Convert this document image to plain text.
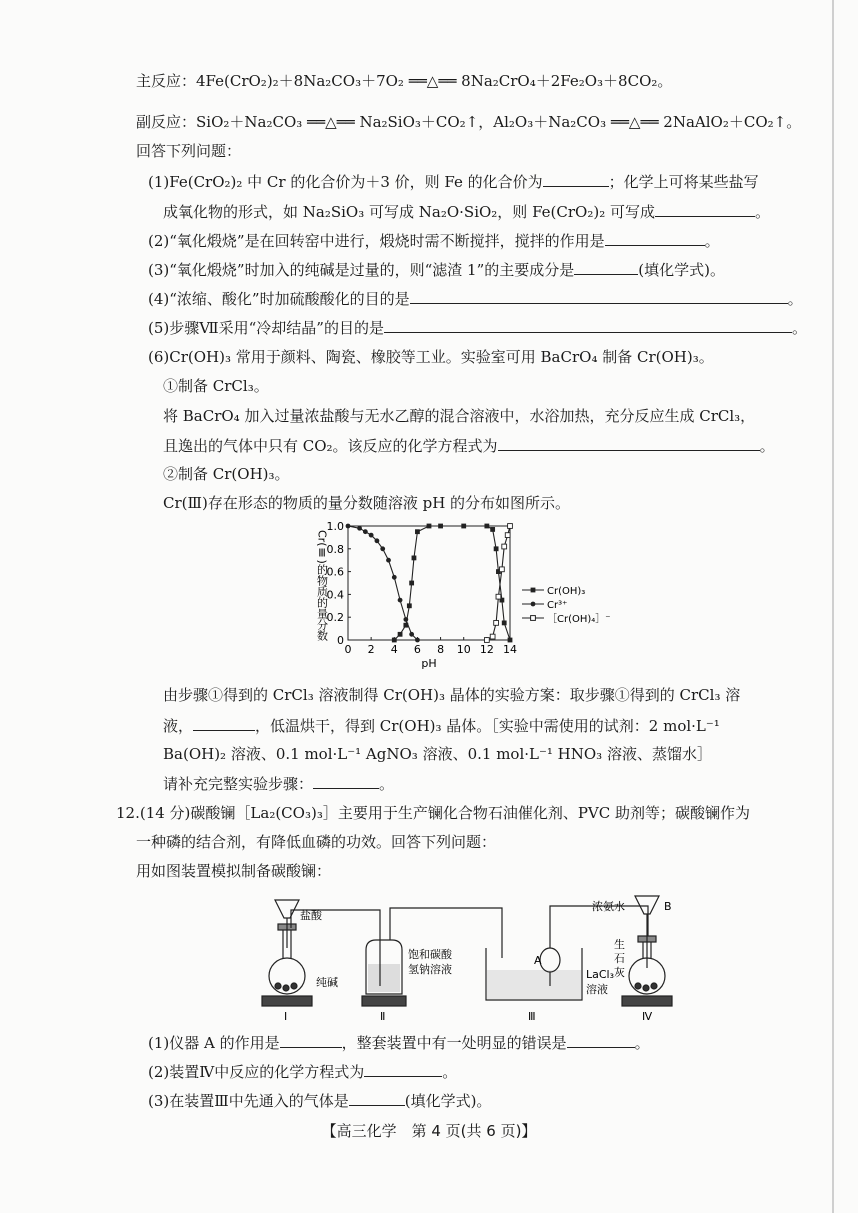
主反应：4Fe(CrO₂)₂＋8Na₂CO₃＋7O₂ ══△══ 8Na₂CrO₄＋2Fe₂O₃＋8CO₂。
副反应：SiO₂＋Na₂CO₃ ══△══ Na₂SiO₃＋CO₂↑，Al₂O₃＋Na₂CO₃ ══△══ 2NaAlO₂＋CO₂↑。
回答下列问题：
(1)Fe(CrO₂)₂ 中 Cr 的化合价为＋3 价，则 Fe 的化合价为	；化学上可将某些盐写
成氧化物的形式，如 Na₂SiO₃ 可写成 Na₂O·SiO₂，则 Fe(CrO₂)₂ 可写成	。
(2)“氧化煅烧”是在回转窑中进行，煅烧时需不断搅拌，搅拌的作用是	。
(3)“氧化煅烧”时加入的纯碱是过量的，则“滤渣 1”的主要成分是	(填化学式)。
(4)“浓缩、酸化”时加硫酸酸化的目的是	。
(5)步骤Ⅶ采用“冷却结晶”的目的是	。
(6)Cr(OH)₃ 常用于颜料、陶瓷、橡胶等工业。实验室可用 BaCrO₄ 制备 Cr(OH)₃。
①制备 CrCl₃。
将 BaCrO₄ 加入过量浓盐酸与无水乙醇的混合溶液中，水浴加热，充分反应生成 CrCl₃，
且逸出的气体中只有 CO₂。该反应的化学方程式为	。
②制备 Cr(OH)₃。
Cr(Ⅲ)存在形态的物质的量分数随溶液 pH 的分布如图所示。
0 2 4 6 8 10 12 14
0
0.2
0.4
0.6
0.8
1.0
pH
Cr(Ⅲ)的物质的量分数	Cr(OH)₃
Cr³⁺
［Cr(OH)₄］⁻
由步骤①得到的 CrCl₃ 溶液制得 Cr(OH)₃ 晶体的实验方案：取步骤①得到的 CrCl₃ 溶
液，	，低温烘干，得到 Cr(OH)₃ 晶体。［实验中需使用的试剂：2 mol·L⁻¹
Ba(OH)₂ 溶液、0.1 mol·L⁻¹ AgNO₃ 溶液、0.1 mol·L⁻¹ HNO₃ 溶液、蒸馏水］
请补充完整实验步骤：	。
12.(14 分)碳酸镧［La₂(CO₃)₃］主要用于生产镧化合物石油催化剂、PVC 助剂等；碳酸镧作为
一种磷的结合剂，有降低血磷的功效。回答下列问题：
用如图装置模拟制备碳酸镧：
盐酸
纯碱
饱和碳酸
氢钠溶液
A
LaCl₃
溶液
浓氨水	B
生
石
灰
Ⅰ	Ⅱ	Ⅲ	Ⅳ
(1)仪器 A 的作用是	，整套装置中有一处明显的错误是	。
(2)装置Ⅳ中反应的化学方程式为	。
(3)在装置Ⅲ中先通入的气体是	(填化学式)。
【高三化学　第 4 页(共 6 页)】
